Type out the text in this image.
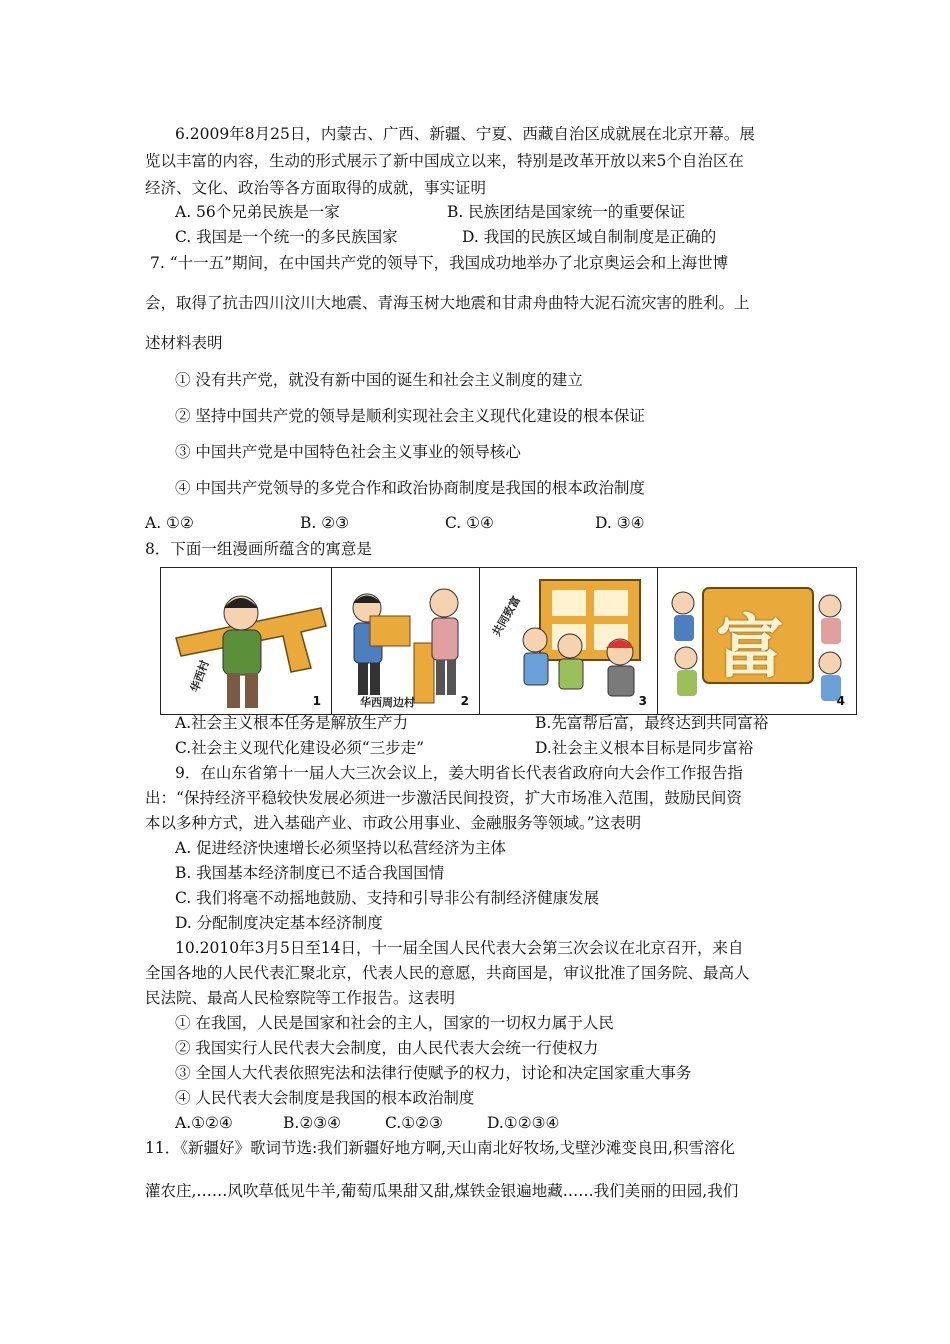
6.2009年8月25日，内蒙古、广西、新疆、宁夏、西藏自治区成就展在北京开幕。展
览以丰富的内容，生动的形式展示了新中国成立以来，特别是改革开放以来5个自治区在
经济、文化、政治等各方面取得的成就，事实证明
A. 56个兄弟民族是一家	B. 民族团结是国家统一的重要保证
C. 我国是一个统一的多民族国家	D. 我国的民族区域自制制度是正确的
7. “十一五”期间，在中国共产党的领导下，我国成功地举办了北京奥运会和上海世博
会，取得了抗击四川汶川大地震、青海玉树大地震和甘肃舟曲特大泥石流灾害的胜利。上
述材料表明
① 没有共产党，就没有新中国的诞生和社会主义制度的建立
② 坚持中国共产党的领导是顺利实现社会主义现代化建设的根本保证
③ 中国共产党是中国特色社会主义事业的领导核心
④ 中国共产党领导的多党合作和政治协商制度是我国的根本政治制度
A. ①②	B. ②③	C. ①④	D. ③④
8．下面一组漫画所蕴含的寓意是
华西村
1	华西周边村	2
共同致富
3
富
4
A.社会主义根本任务是解放生产力	B.先富帮后富，最终达到共同富裕
C.社会主义现代化建设必须“三步走”	D.社会主义根本目标是同步富裕
9．在山东省第十一届人大三次会议上，姜大明省长代表省政府向大会作工作报告指
出：“保持经济平稳较快发展必须进一步激活民间投资，扩大市场准入范围，鼓励民间资
本以多种方式，进入基础产业、市政公用事业、金融服务等领域。”这表明
A. 促进经济快速增长必须坚持以私营经济为主体
B. 我国基本经济制度已不适合我国国情
C. 我们将毫不动摇地鼓励、支持和引导非公有制经济健康发展
D. 分配制度决定基本经济制度
10.2010年3月5日至14日，十一届全国人民代表大会第三次会议在北京召开，来自
全国各地的人民代表汇聚北京，代表人民的意愿，共商国是，审议批准了国务院、最高人
民法院、最高人民检察院等工作报告。这表明
① 在我国，人民是国家和社会的主人，国家的一切权力属于人民
② 我国实行人民代表大会制度，由人民代表大会统一行使权力
③ 全国人大代表依照宪法和法律行使赋予的权力，讨论和决定国家重大事务
④ 人民代表大会制度是我国的根本政治制度
A.①②④	B.②③④	C.①②③	D.①②③④
11．《新疆好》歌词节选:我们新疆好地方啊,天山南北好牧场,戈壁沙滩变良田,积雪溶化
灌农庄,……风吹草低见牛羊,葡萄瓜果甜又甜,煤铁金银遍地藏……我们美丽的田园,我们
